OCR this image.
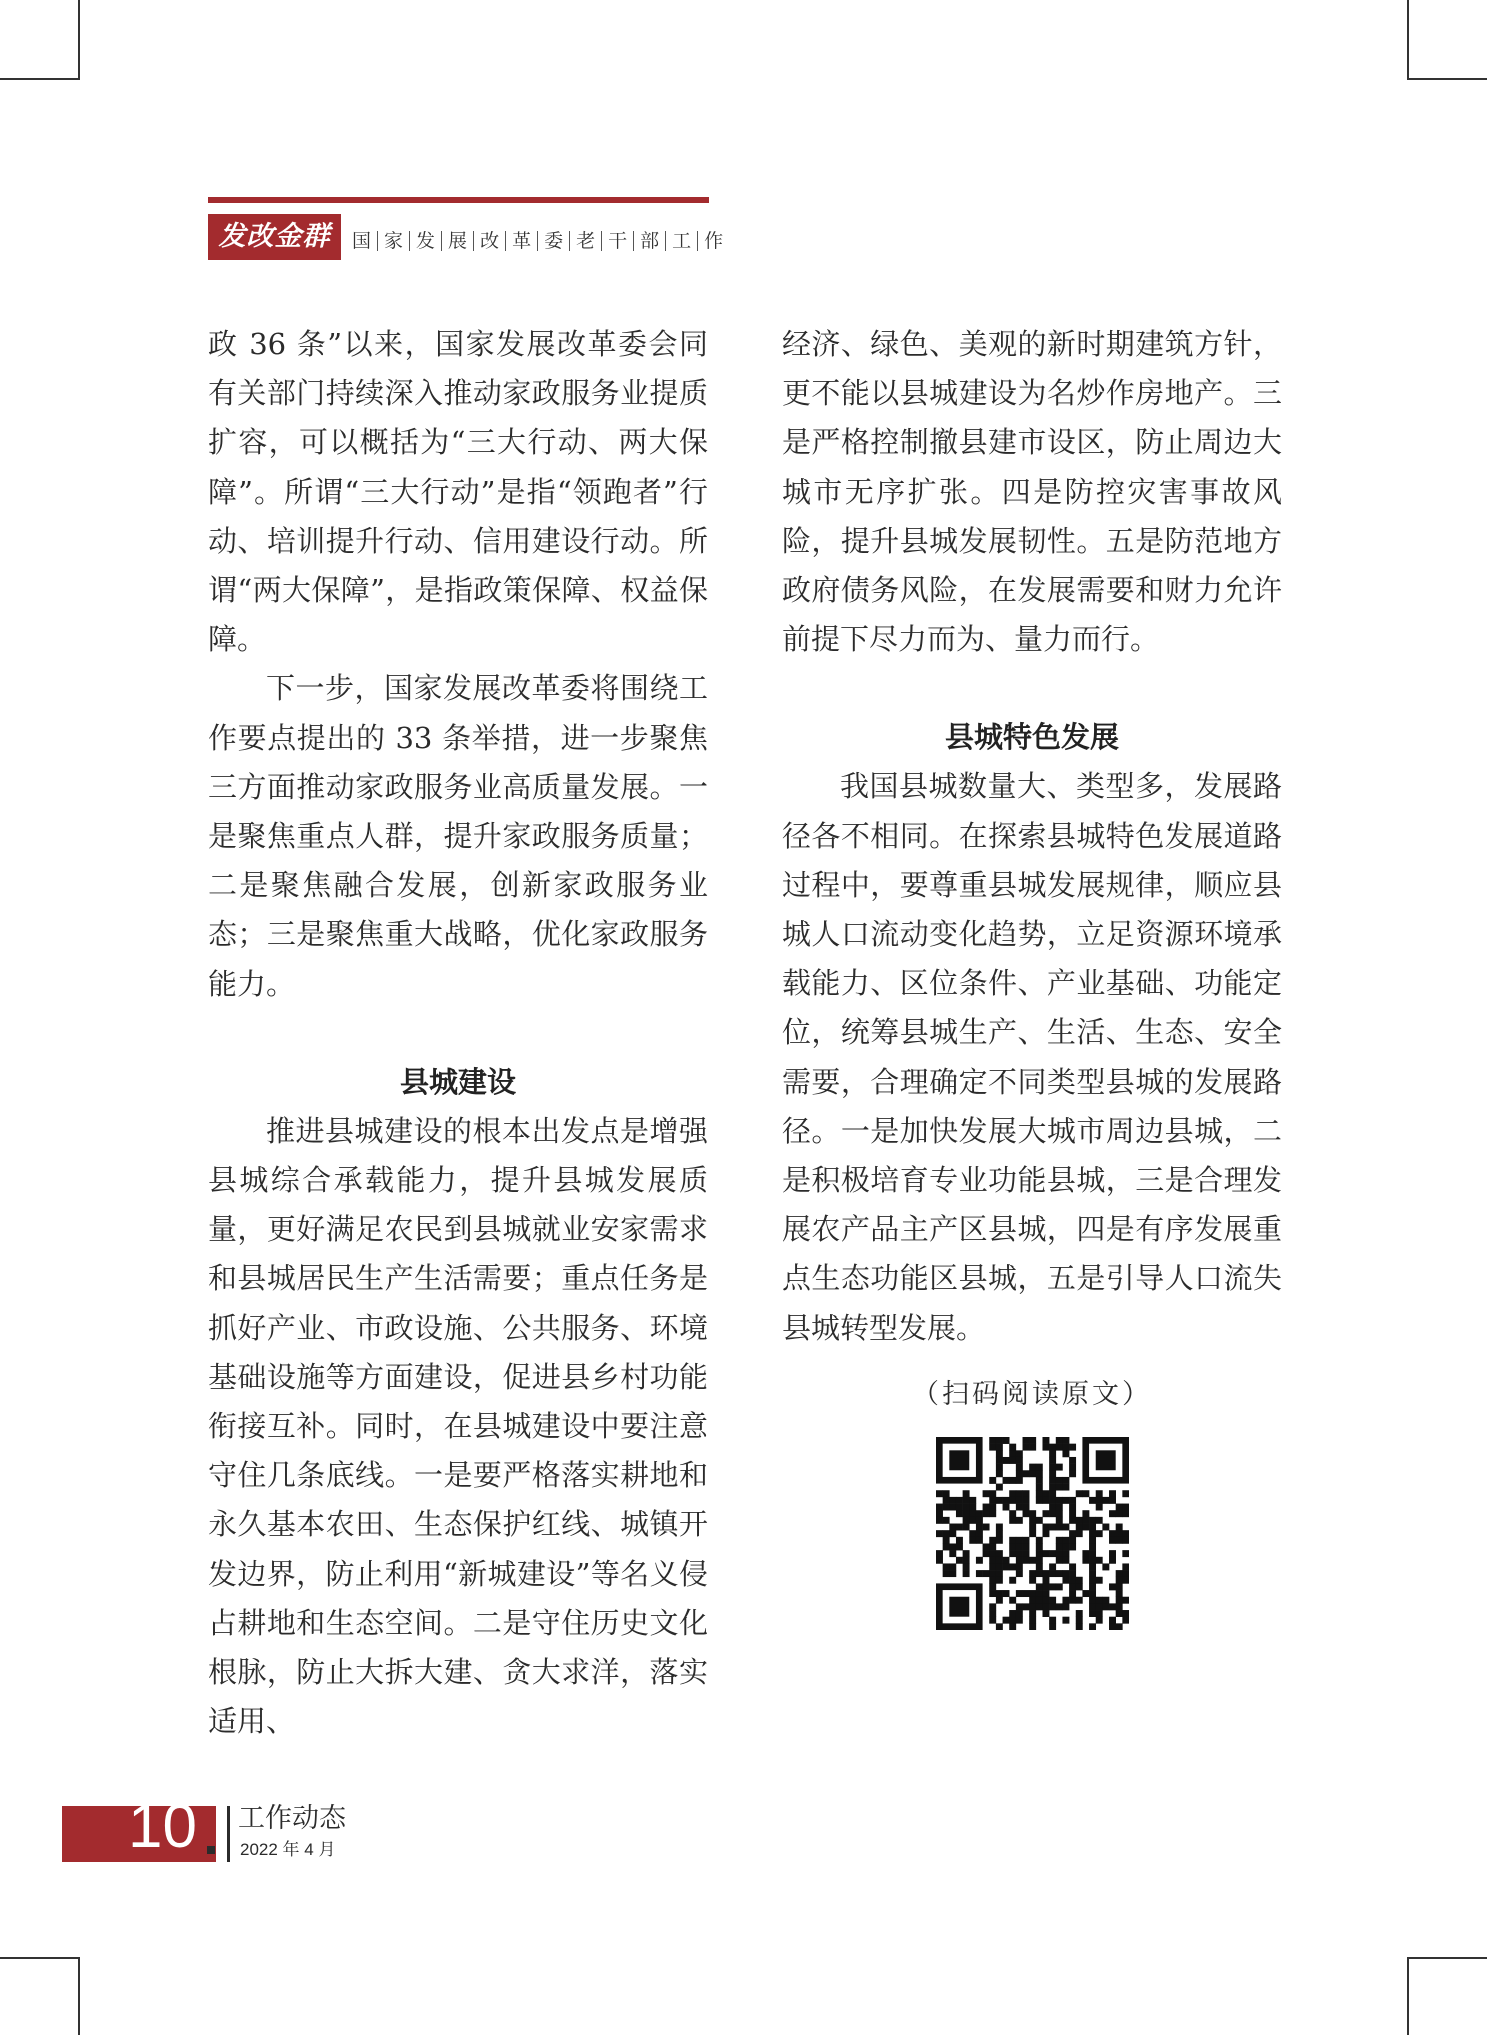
发改金群	国 家 发 展 改 革 委 老 干 部 工 作

政 36 条”以来，国家发展改革委会同有关部门持续深入推动家政服务业提质扩容，可以概括为“三大行动、两大保障”。所谓“三大行动”是指“领跑者”行动、培训提升行动、信用建设行动。所谓“两大保障”，是指政策保障、权益保障。

下一步，国家发展改革委将围绕工作要点提出的 33 条举措，进一步聚焦三方面推动家政服务业高质量发展。一是聚焦重点人群，提升家政服务质量；二是聚焦融合发展，创新家政服务业态；三是聚焦重大战略，优化家政服务能力。

县城建设

推进县城建设的根本出发点是增强县城综合承载能力，提升县城发展质量，更好满足农民到县城就业安家需求和县城居民生产生活需要；重点任务是抓好产业、市政设施、公共服务、环境基础设施等方面建设，促进县乡村功能衔接互补。同时，在县城建设中要注意守住几条底线。一是要严格落实耕地和永久基本农田、生态保护红线、城镇开发边界，防止利用“新城建设”等名义侵占耕地和生态空间。二是守住历史文化根脉，防止大拆大建、贪大求洋，落实适用、

经济、绿色、美观的新时期建筑方针，更不能以县城建设为名炒作房地产。三是严格控制撤县建市设区，防止周边大城市无序扩张。四是防控灾害事故风险，提升县城发展韧性。五是防范地方政府债务风险，在发展需要和财力允许前提下尽力而为、量力而行。

县城特色发展

我国县城数量大、类型多，发展路径各不相同。在探索县城特色发展道路过程中，要尊重县城发展规律，顺应县城人口流动变化趋势，立足资源环境承载能力、区位条件、产业基础、功能定位，统筹县城生产、生活、生态、安全需要，合理确定不同类型县城的发展路径。一是加快发展大城市周边县城，二是积极培育专业功能县城，三是合理发展农产品主产区县城，四是有序发展重点生态功能区县城，五是引导人口流失县城转型发展。

（扫码阅读原文）
10 工作动态
2022 年 4 月
